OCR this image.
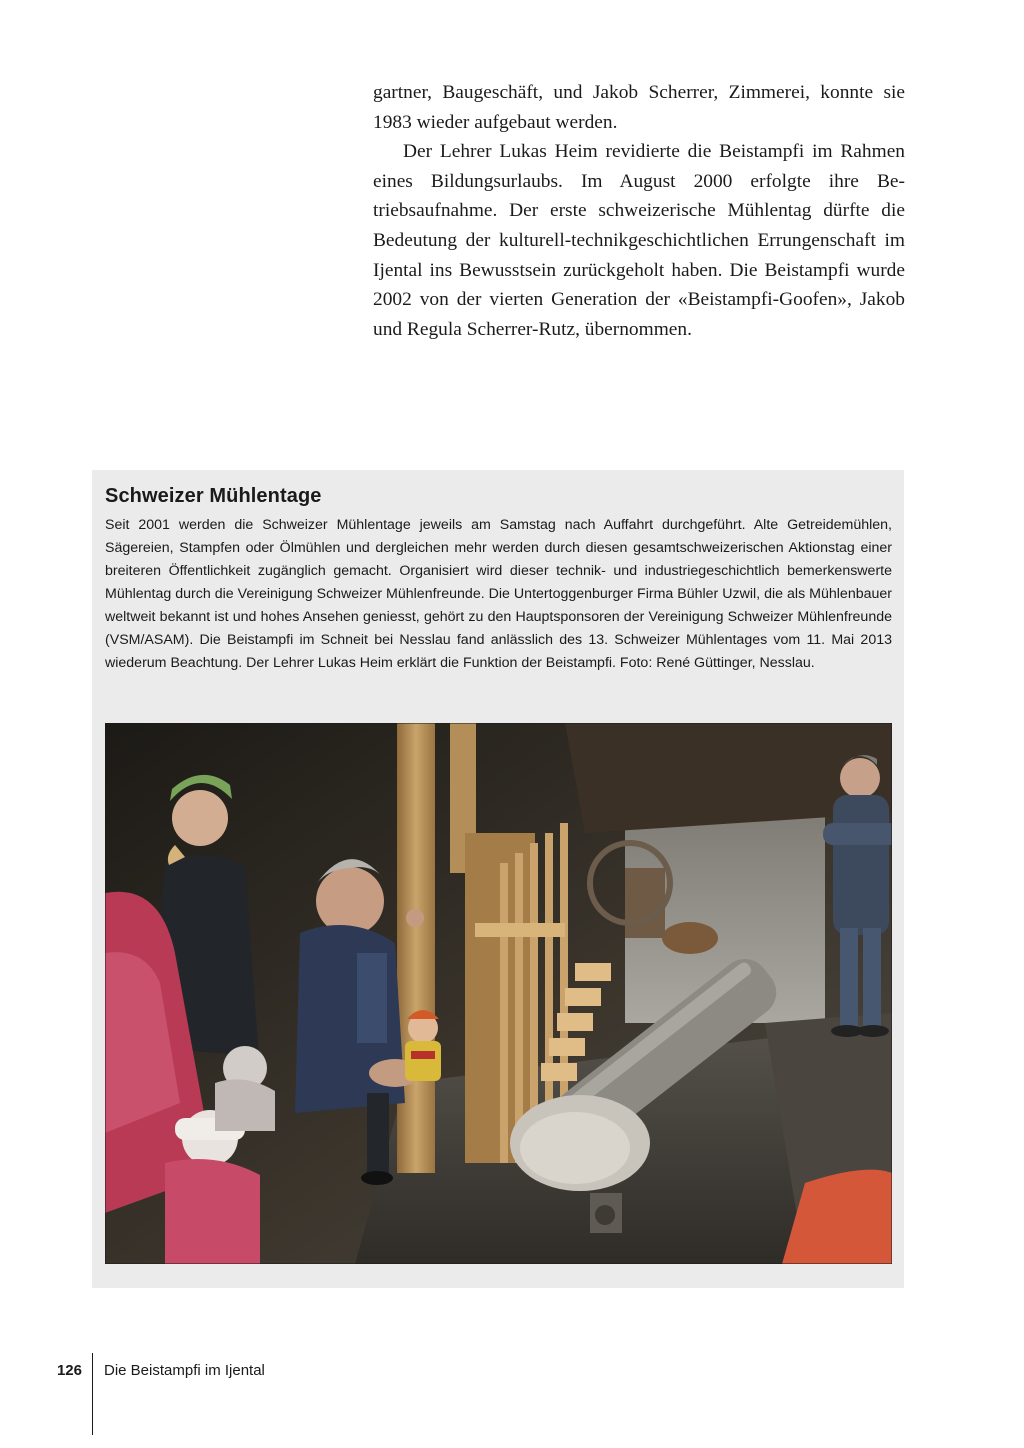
gartner, Baugeschäft, und Jakob Scherrer, Zimmerei, konnte sie 1983 wieder aufgebaut werden.

Der Lehrer Lukas Heim revidierte die Beistampfi im Rahmen eines Bildungsurlaubs. Im August 2000 erfolgte ihre Betriebsaufnahme. Der erste schweizerische Mühlentag dürfte die Bedeutung der kulturell-technikgeschichtlichen Errungenschaft im Ijental ins Bewusstsein zurückgeholt haben. Die Beistampfi wurde 2002 von der vierten Generation der «Beistampfi-Goofen», Jakob und Regula Scherrer-Rutz, übernommen.

Schweizer Mühlentage

Seit 2001 werden die Schweizer Mühlentage jeweils am Samstag nach Auffahrt durchgeführt. Alte Getreidemühlen, Sägereien, Stampfen oder Ölmühlen und dergleichen mehr werden durch diesen gesamtschweizerischen Aktionstag einer breiteren Öffentlichkeit zugänglich gemacht. Organisiert wird dieser technik- und industriegeschichtlich bemerkenswerte Mühlentag durch die Vereinigung Schweizer Mühlenfreunde. Die Untertoggenburger Firma Bühler Uzwil, die als Mühlenbauer weltweit bekannt ist und hohes Ansehen geniesst, gehört zu den Hauptsponsoren der Vereinigung Schweizer Mühlenfreunde (VSM/ASAM). Die Beistampfi im Schneit bei Nesslau fand anlässlich des 13. Schweizer Mühlentages vom 11. Mai 2013 wiederum Beachtung. Der Lehrer Lukas Heim erklärt die Funktion der Beistampfi. Foto: René Güttinger, Nesslau.

126 Die Beistampfi im Ijental
